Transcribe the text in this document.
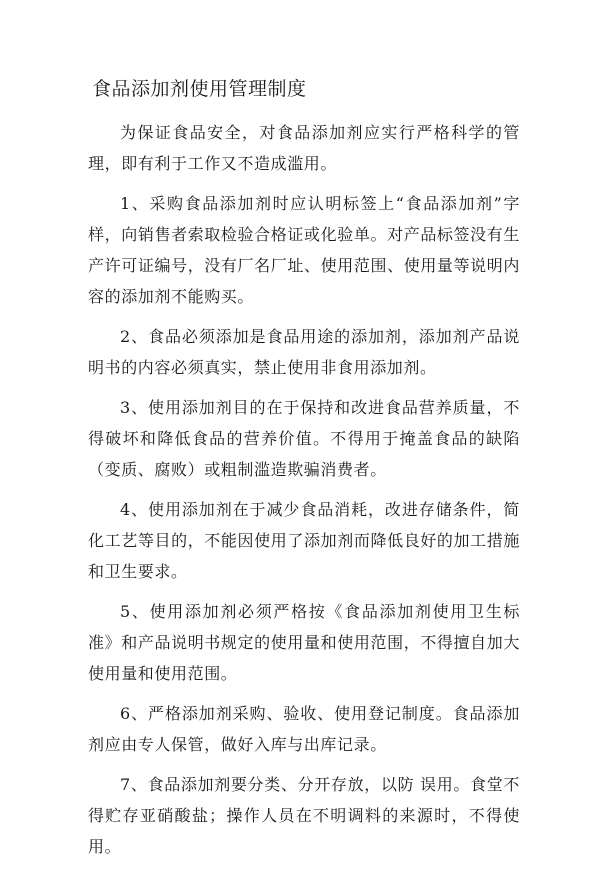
食品添加剂使用管理制度

为保证食品安全，对食品添加剂应实行严格科学的管理，即有利于工作又不造成滥用。

1、采购食品添加剂时应认明标签上“食品添加剂”字样，向销售者索取检验合格证或化验单。对产品标签没有生产许可证编号，没有厂名厂址、使用范围、使用量等说明内容的添加剂不能购买。

2、食品必须添加是食品用途的添加剂，添加剂产品说明书的内容必须真实，禁止使用非食用添加剂。

3、使用添加剂目的在于保持和改进食品营养质量，不得破坏和降低食品的营养价值。不得用于掩盖食品的缺陷（变质、腐败）或粗制滥造欺骗消费者。

4、使用添加剂在于减少食品消耗，改进存储条件，简化工艺等目的，不能因使用了添加剂而降低良好的加工措施和卫生要求。

5、使用添加剂必须严格按《食品添加剂使用卫生标准》和产品说明书规定的使用量和使用范围，不得擅自加大使用量和使用范围。

6、严格添加剂采购、验收、使用登记制度。食品添加剂应由专人保管，做好入库与出库记录。

7、食品添加剂要分类、分开存放，以防 误用。食堂不得贮存亚硝酸盐；操作人员在不明调料的来源时，不得使用。
